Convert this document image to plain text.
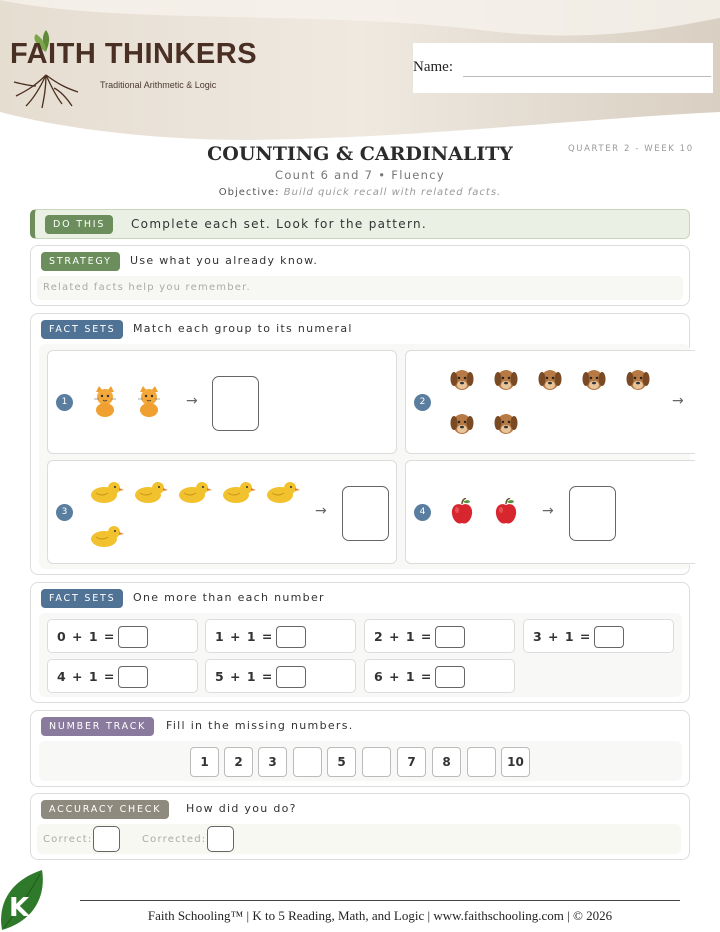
FAITH THINKERS
Traditional Arithmetic & Logic
Name:
COUNTING & CARDINALITY	QUARTER 2 - WEEK 10
Count 6 and 7 • Fluency
Objective: Build quick recall with related facts.
DO THIS	Complete each set. Look for the pattern.
STRATEGY	Use what you already know.
Related facts help you remember.
FACT SETS	Match each group to its numeral
1	→	2	→
3	→	4	→
FACT SETS	One more than each number
0 + 1 =	1 + 1 =	2 + 1 =	3 + 1 =
4 + 1 =	5 + 1 =	6 + 1 =
NUMBER TRACK	Fill in the missing numbers.
1	2	3	5	7	8	10
ACCURACY CHECK	How did you do?
Correct:	Corrected:
K	Faith Schooling™ | K to 5 Reading, Math, and Logic | www.faithschooling.com | © 2026
